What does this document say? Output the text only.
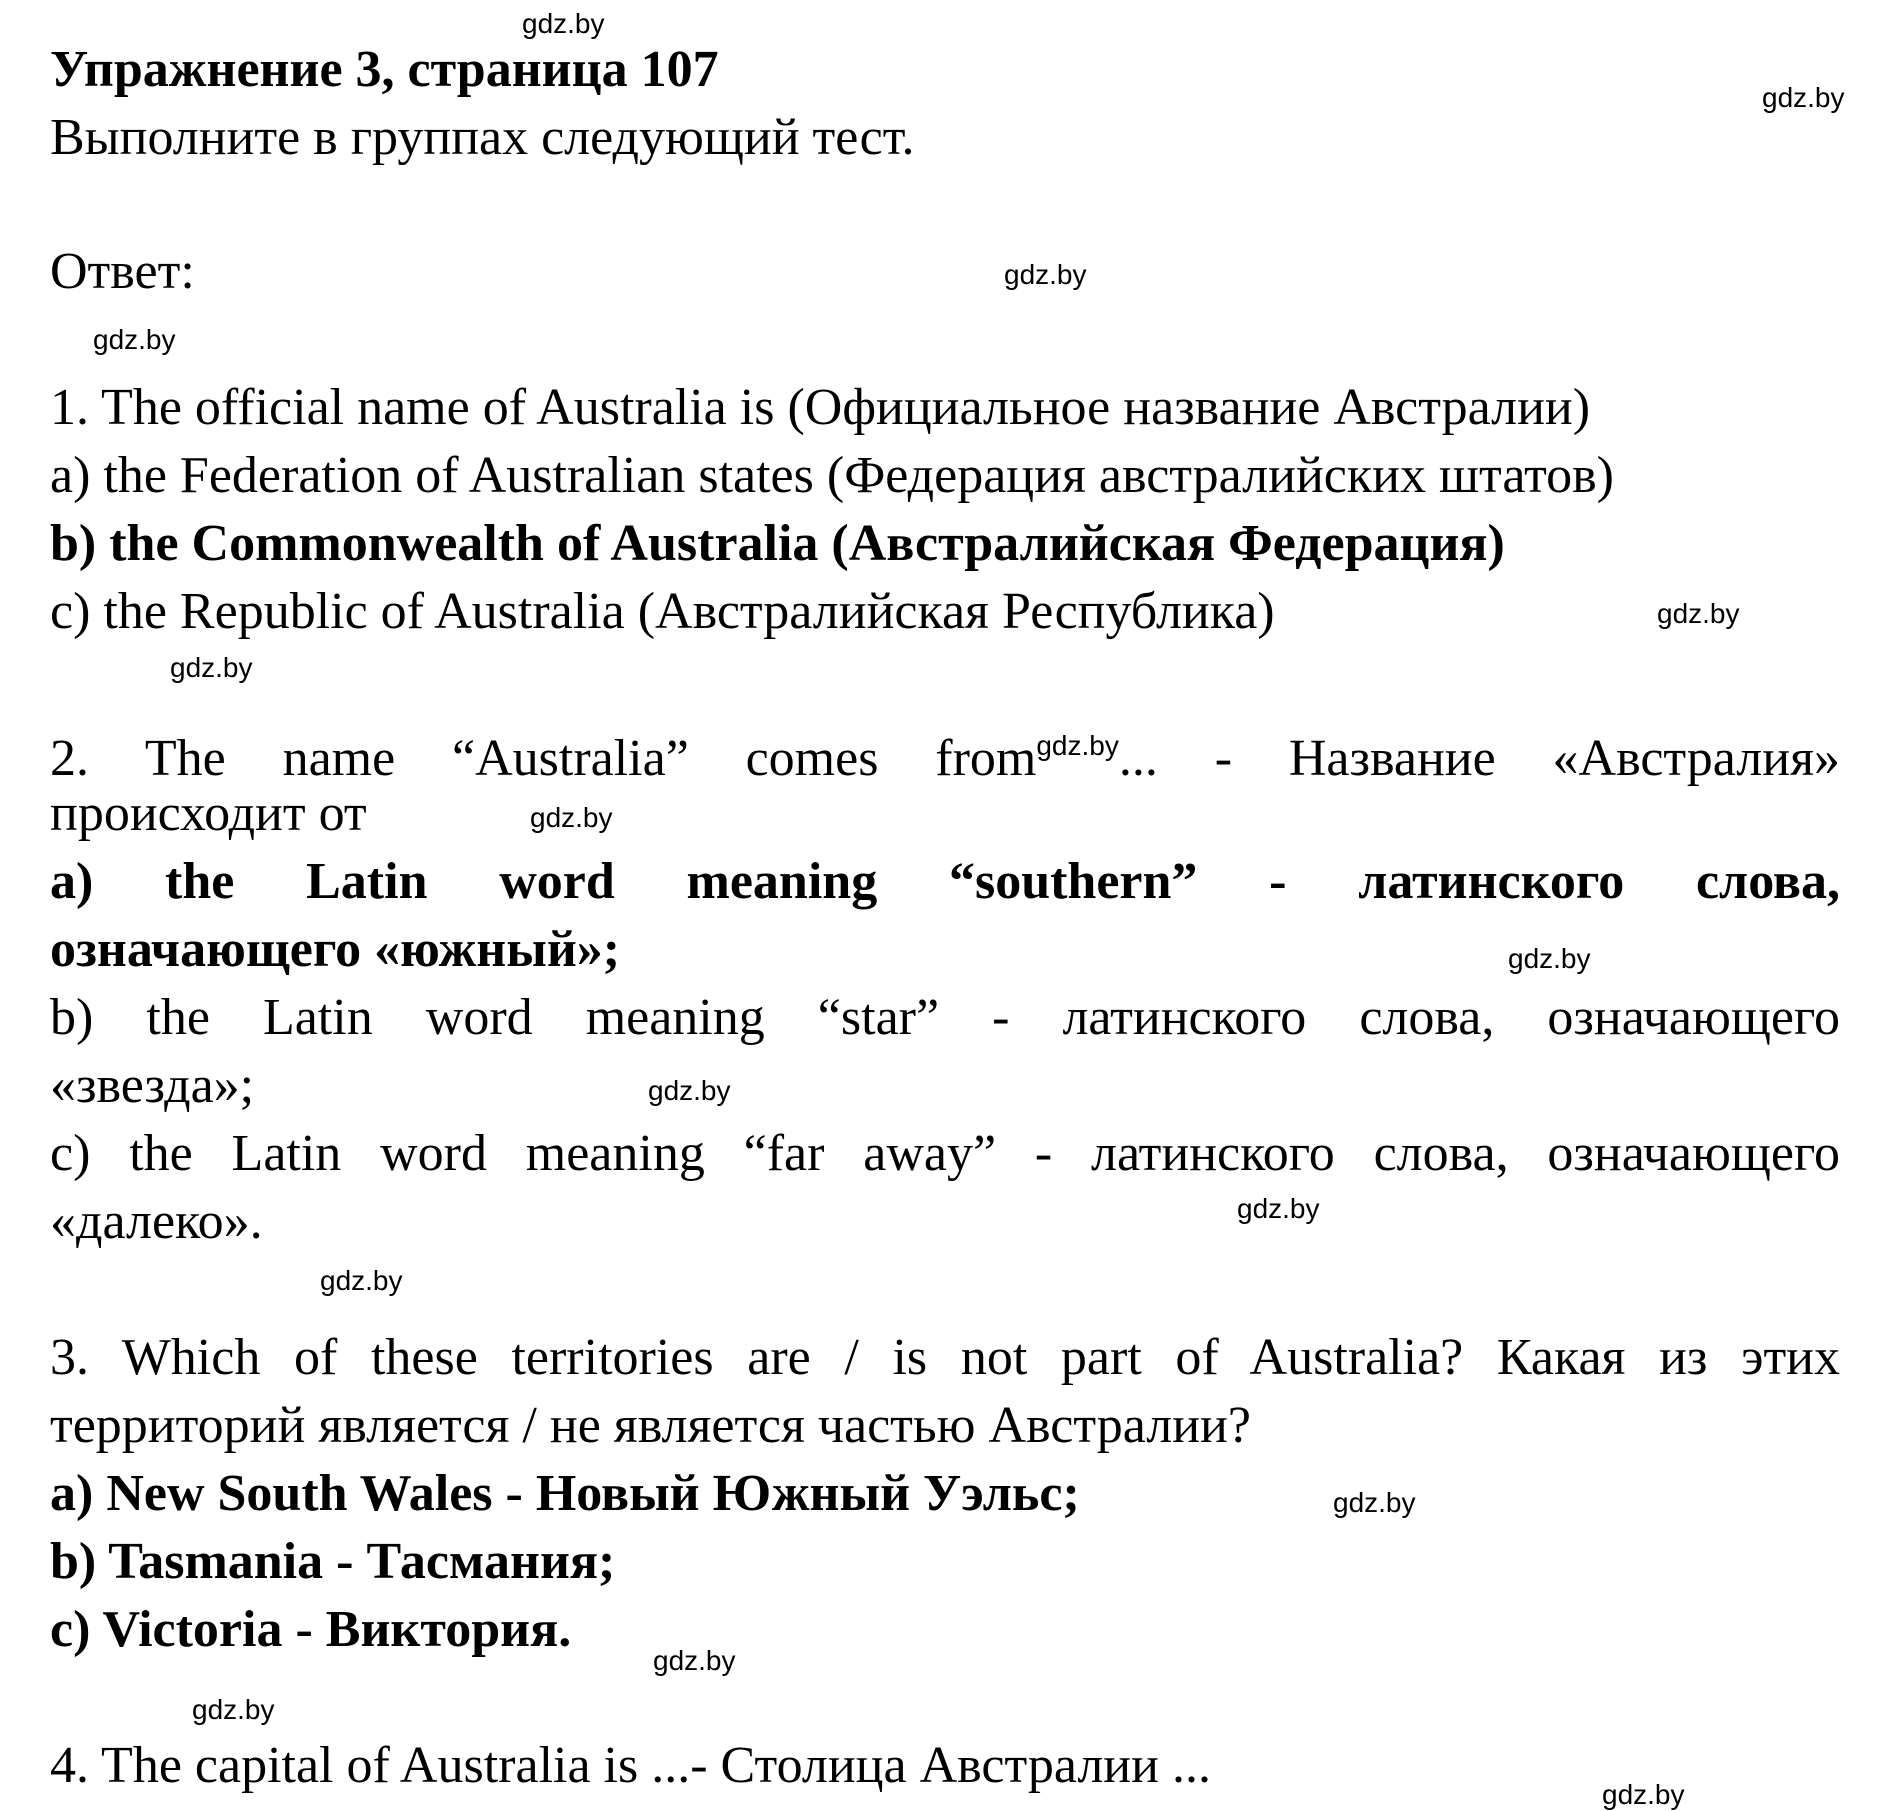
Упражнение 3, страница 107
Выполните в группах следующий тест.
Ответ:
1. The official name of Australia is (Официальное название Австралии)
a) the Federation of Australian states (Федерация австралийских штатов)
b) the Commonwealth of Australia (Австралийская Федерация)
c) the Republic of Australia (Австралийская Республика)
2. The name “Australia” comes from$^{gdz.by}$... - Название «Австралия»
происходит от
a) the Latin word meaning “southern” - латинского слова,
означающего «южный»;
b) the Latin word meaning “star” - латинского слова, означающего
«звезда»;
c) the Latin word meaning “far away” - латинского слова, означающего
«далеко».
3. Which of these territories are / is not part of Australia? Какая из этих
территорий является / не является частью Австралии?
a) New South Wales - Новый Южный Уэльс;
b) Tasmania - Тасмания;
c) Victoria - Виктория.
4. The capital of Australia is ...- Столица Австралии ...
gdz.by
gdz.by
gdz.by
gdz.by
gdz.by
gdz.by
gdz.by
gdz.by
gdz.by
gdz.by
gdz.by
gdz.by
gdz.by
gdz.by
gdz.by
